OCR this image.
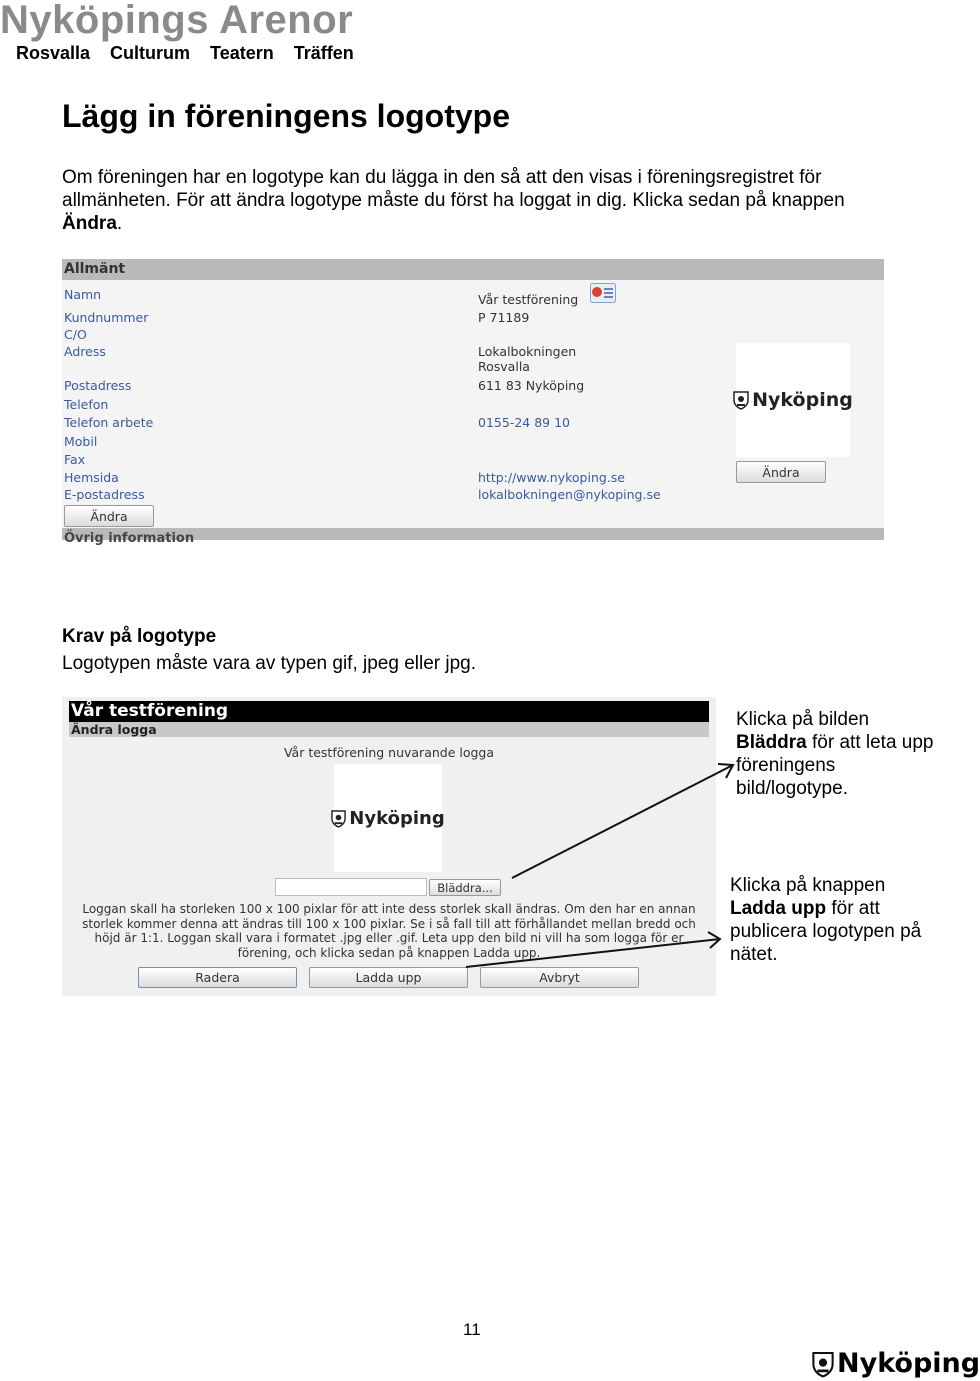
Nyköpings Arenor
Rosvalla Culturum Teatern Träffen
Lägg in föreningens logotype

Om föreningen har en logotype kan du lägga in den så att den visas i föreningsregistret för allmänheten. För att ändra logotype måste du först ha loggat in dig. Klicka sedan på knappen Ändra.

Allmänt
Namn
Kundnummer
C/O
Adress
Postadress
Telefon
Telefon arbete
Mobil
Fax
Hemsida
E-postadress
Vår testförening
P 71189
Lokalbokningen
Rosvalla
611 83 Nyköping
0155-24 89 10
http://www.nykoping.se
lokalbokningen@nykoping.se
Nyköping
Ändra
Ändra
Övrig information
Krav på logotype
Logotypen måste vara av typen gif, jpeg eller jpg.
Vår testförening
Ändra logga
Vår testförening nuvarande logga
Nyköping
Bläddra...
Loggan skall ha storleken 100 x 100 pixlar för att inte dess storlek skall ändras. Om den har en annan
storlek kommer denna att ändras till 100 x 100 pixlar. Se i så fall till att förhållandet mellan bredd och
höjd är 1:1. Loggan skall vara i formatet .jpg eller .gif. Leta upp den bild ni vill ha som logga för er
förening, och klicka sedan på knappen Ladda upp.
Radera	Ladda upp	Avbryt
Klicka på bilden
Bläddra för att leta upp föreningens bild/logotype.
Klicka på knappen
Ladda upp för att publicera logotypen på nätet.
11
Nyköping
